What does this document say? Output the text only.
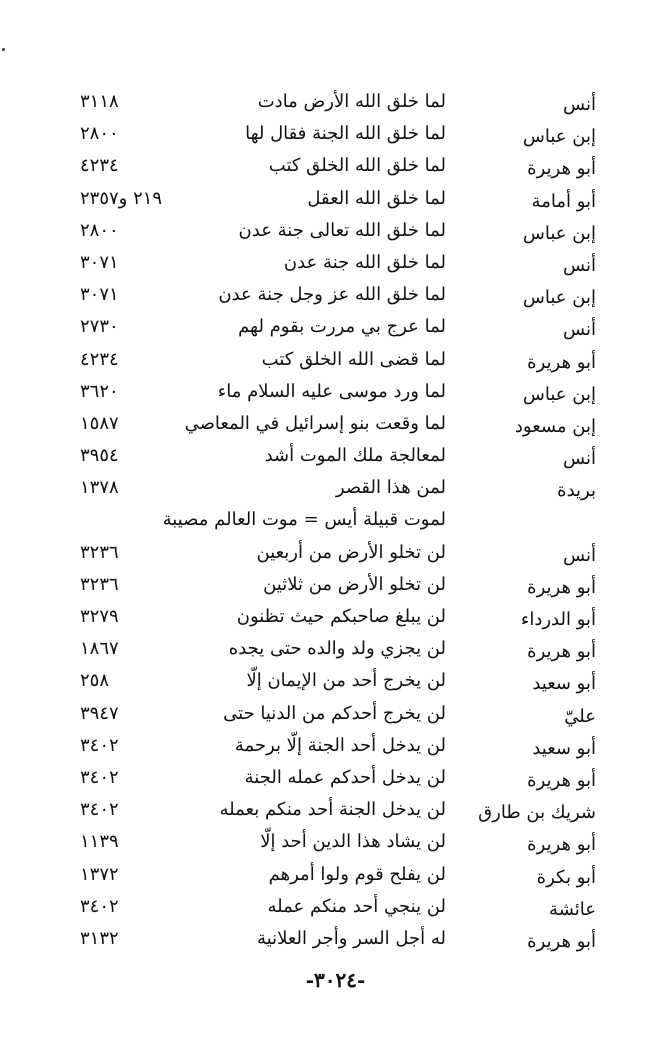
أنس
لما خلق الله الأرض مادت
٣١١٨
إبن عباس
لما خلق الله الجنة فقال لها
٢٨٠٠
أبو هريرة
لما خلق الله الخلق كتب
٤٢٣٤
أبو أمامة
لما خلق الله العقل
٢١٩ و٢٣٥٧
إبن عباس
لما خلق الله تعالى جنة عدن
٢٨٠٠
أنس
لما خلق الله جنة عدن
٣٠٧١
إبن عباس
لما خلق الله عز وجل جنة عدن
٣٠٧١
أنس
لما عرج بي مررت بقوم لهم
٢٧٣٠
أبو هريرة
لما قضى الله الخلق كتب
٤٢٣٤
إبن عباس
لما ورد موسى عليه السلام ماء
٣٦٢٠
إبن مسعود
لما وقعت بنو إسرائيل في المعاصي
١٥٨٧
أنس
لمعالجة ملك الموت أشد
٣٩٥٤
بريدة
لمن هذا القصر
١٣٧٨
لموت قبيلة أيس = موت العالم مصيبة
أنس
لن تخلو الأرض من أربعين
٣٢٣٦
أبو هريرة
لن تخلو الأرض من ثلاثين
٣٢٣٦
أبو الدرداء
لن يبلغ صاحبكم حيث تظنون
٣٢٧٩
أبو هريرة
لن يجزي ولد والده حتى يجده
١٨٦٧
أبو سعيد
لن يخرج أحد من الإيمان إلّا
٢٥٨
عليّ
لن يخرج أحدكم من الدنيا حتى
٣٩٤٧
أبو سعيد
لن يدخل أحد الجنة إلّا برحمة
٣٤٠٢
أبو هريرة
لن يدخل أحدكم عمله الجنة
٣٤٠٢
شريك بن طارق
لن يدخل الجنة أحد منكم بعمله
٣٤٠٢
أبو هريرة
لن يشاد هذا الدين أحد إلّا
١١٣٩
أبو بكرة
لن يفلح قوم ولوا أمرهم
١٣٧٢
عائشة
لن ينجي أحد منكم عمله
٣٤٠٢
أبو هريرة
له أجل السر وأجر العلانية
٣١٣٢
-٣٠٢٤-
